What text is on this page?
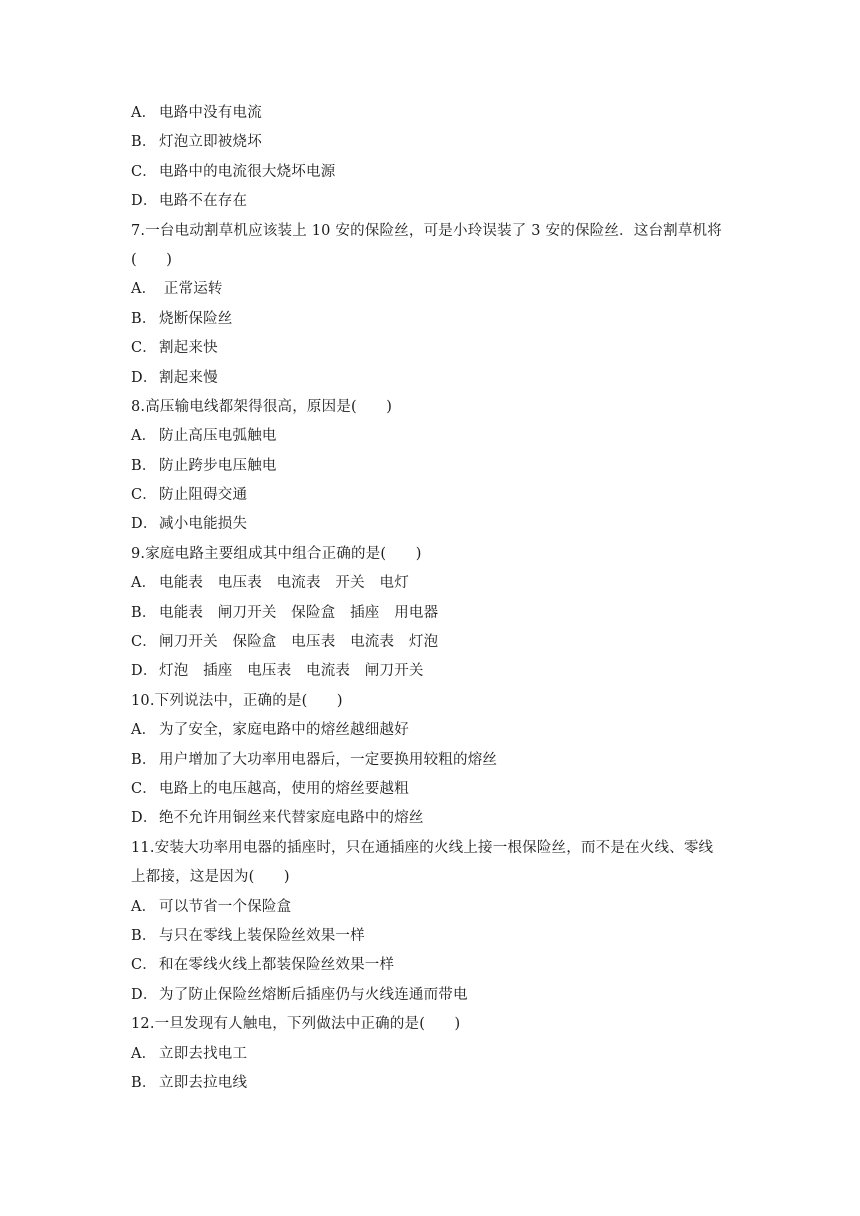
A． 电路中没有电流
B． 灯泡立即被烧坏
C． 电路中的电流很大烧坏电源
D．电路不在存在
7.一台电动割草机应该装上 10 安的保险丝，可是小玲误装了 3 安的保险丝．这台割草机将
(　　)
A． 正常运转
B． 烧断保险丝
C． 割起来快
D．割起来慢
8.高压输电线都架得很高，原因是(　　)
A． 防止高压电弧触电
B． 防止跨步电压触电
C． 防止阻碍交通
D．减小电能损失
9.家庭电路主要组成其中组合正确的是(　　)
A． 电能表　电压表　电流表　开关　电灯
B． 电能表　闸刀开关　保险盒　插座　用电器
C． 闸刀开关　保险盒　电压表　电流表　灯泡
D．灯泡　插座　电压表　电流表　闸刀开关
10.下列说法中，正确的是(　　)
A． 为了安全，家庭电路中的熔丝越细越好
B． 用户增加了大功率用电器后，一定要换用较粗的熔丝
C． 电路上的电压越高，使用的熔丝要越粗
D．绝不允许用铜丝来代替家庭电路中的熔丝
11.安装大功率用电器的插座时，只在通插座的火线上接一根保险丝，而不是在火线、零线
上都接，这是因为(　　)
A． 可以节省一个保险盒
B． 与只在零线上装保险丝效果一样
C． 和在零线火线上都装保险丝效果一样
D．为了防止保险丝熔断后插座仍与火线连通而带电
12.一旦发现有人触电，下列做法中正确的是(　　)
A． 立即去找电工
B． 立即去拉电线
